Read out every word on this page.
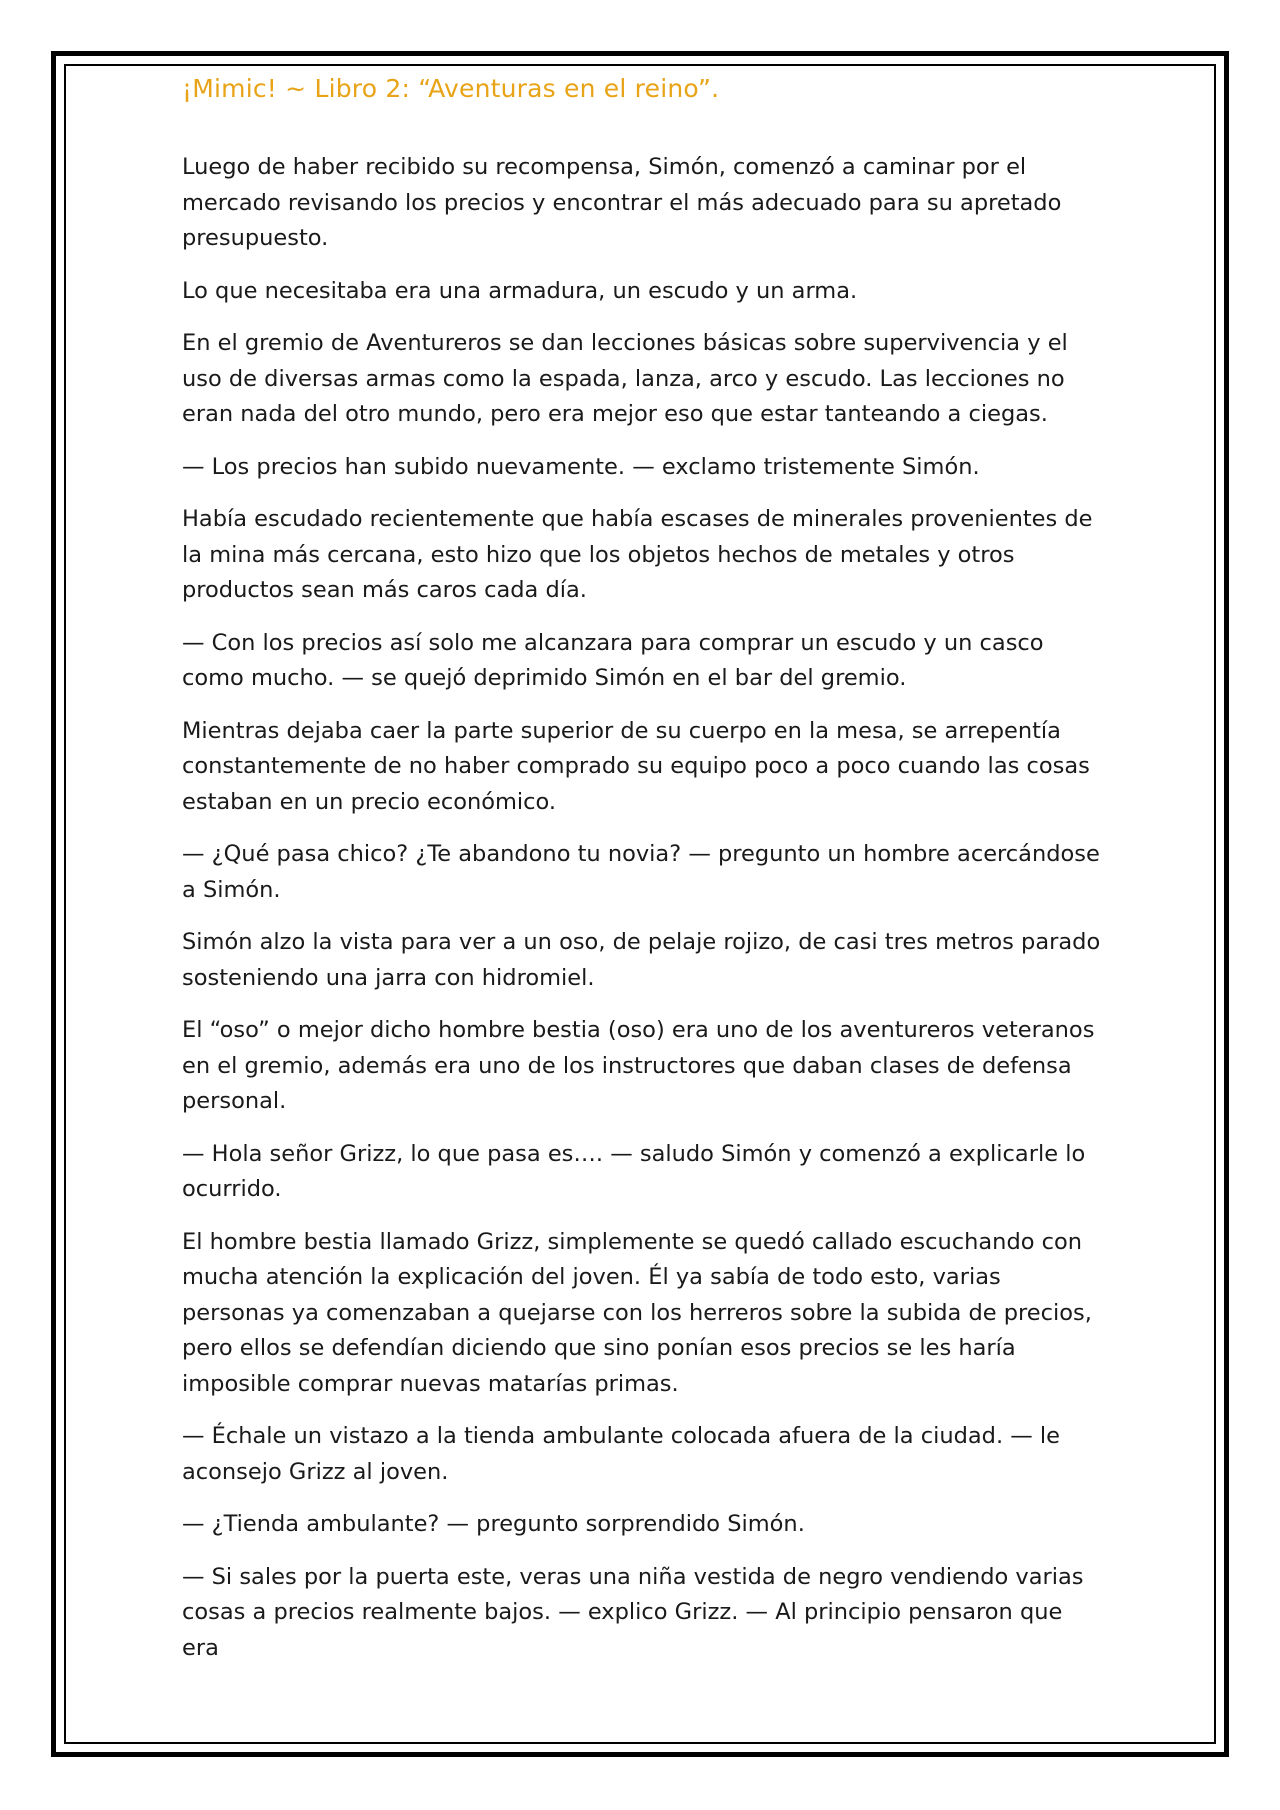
¡Mimic! ~ Libro 2: “Aventuras en el reino”.

Luego de haber recibido su recompensa, Simón, comenzó a caminar por el mercado revisando los precios y encontrar el más adecuado para su apretado presupuesto.

Lo que necesitaba era una armadura, un escudo y un arma.

En el gremio de Aventureros se dan lecciones básicas sobre supervivencia y el uso de diversas armas como la espada, lanza, arco y escudo. Las lecciones no eran nada del otro mundo, pero era mejor eso que estar tanteando a ciegas.

— Los precios han subido nuevamente. — exclamo tristemente Simón.

Había escudado recientemente que había escases de minerales provenientes de la mina más cercana, esto hizo que los objetos hechos de metales y otros productos sean más caros cada día.

— Con los precios así solo me alcanzara para comprar un escudo y un casco como mucho. — se quejó deprimido Simón en el bar del gremio.

Mientras dejaba caer la parte superior de su cuerpo en la mesa, se arrepentía constantemente de no haber comprado su equipo poco a poco cuando las cosas estaban en un precio económico.

— ¿Qué pasa chico? ¿Te abandono tu novia? — pregunto un hombre acercándose a Simón.

Simón alzo la vista para ver a un oso, de pelaje rojizo, de casi tres metros parado sosteniendo una jarra con hidromiel.

El “oso” o mejor dicho hombre bestia (oso) era uno de los aventureros veteranos en el gremio, además era uno de los instructores que daban clases de defensa personal.

— Hola señor Grizz, lo que pasa es…. — saludo Simón y comenzó a explicarle lo ocurrido.

El hombre bestia llamado Grizz, simplemente se quedó callado escuchando con mucha atención la explicación del joven. Él ya sabía de todo esto, varias personas ya comenzaban a quejarse con los herreros sobre la subida de precios, pero ellos se defendían diciendo que sino ponían esos precios se les haría imposible comprar nuevas matarías primas.

— Échale un vistazo a la tienda ambulante colocada afuera de la ciudad. — le aconsejo Grizz al joven.

— ¿Tienda ambulante? — pregunto sorprendido Simón.

— Si sales por la puerta este, veras una niña vestida de negro vendiendo varias cosas a precios realmente bajos. — explico Grizz. — Al principio pensaron que era
